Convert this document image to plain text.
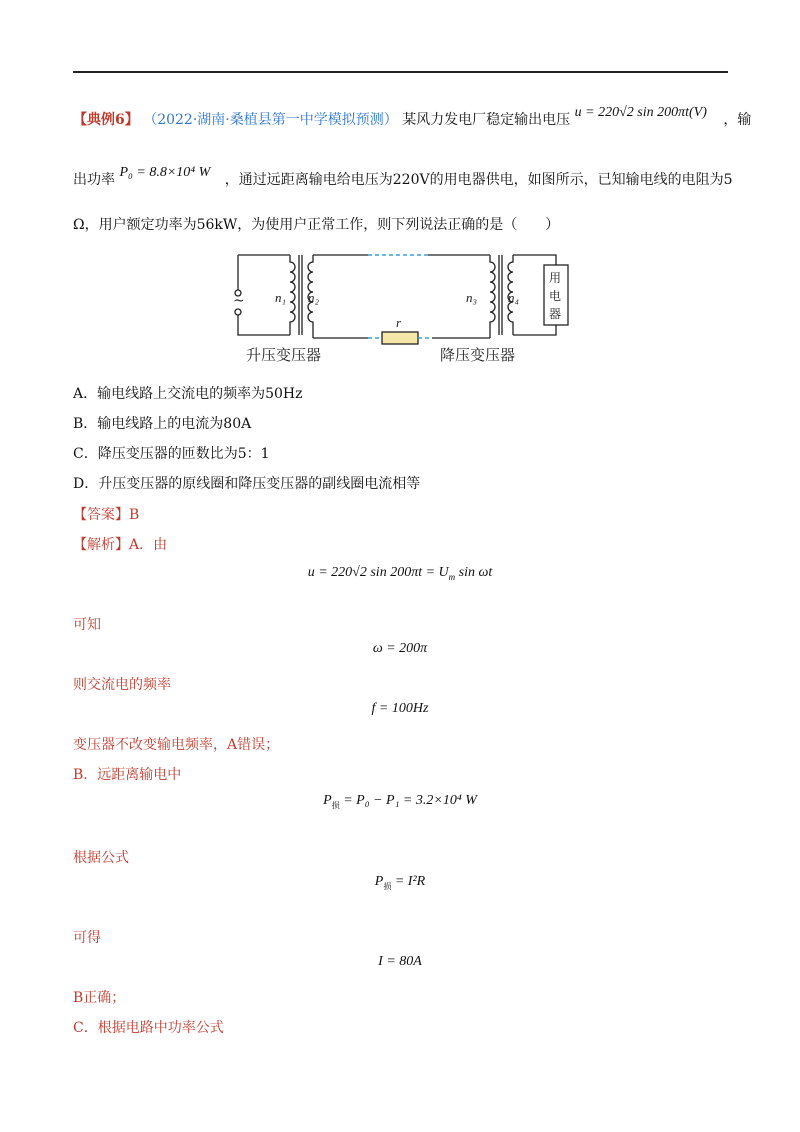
【典例6】 （2022·湖南·桑植县第一中学模拟预测） 某风力发电厂稳定输出电压 u = 220√2 sin 200πt(V) ，输
出功率 P₀ = 8.8×10⁴ W ，通过远距离输电给电压为220V的用电器供电，如图所示，已知输电线的电阻为5
Ω，用户额定功率为56kW，为使用户正常工作，则下列说法正确的是（　　）
~ n₁ n₂
r
n₃ n₄
用
电
器
升压变压器	降压变压器
A．输电线路上交流电的频率为50Hz
B．输电线路上的电流为80A
C．降压变压器的匝数比为5：1
D．升压变压器的原线圈和降压变压器的副线圈电流相等
【答案】B
【解析】A．由
u = 220√2 $\sin 200\pi t = U_m$ sin ωt
可知
ω = 200π
则交流电的频率
f = 100Hz
变压器不改变输电频率，A错误；
B．远距离输电中
$P_损 = P_0 - P_1 = 3.2\times 10^4$ W
根据公式
$P_损 = I^2R$
可得
I = 80A
B正确；
C．根据电路中功率公式
